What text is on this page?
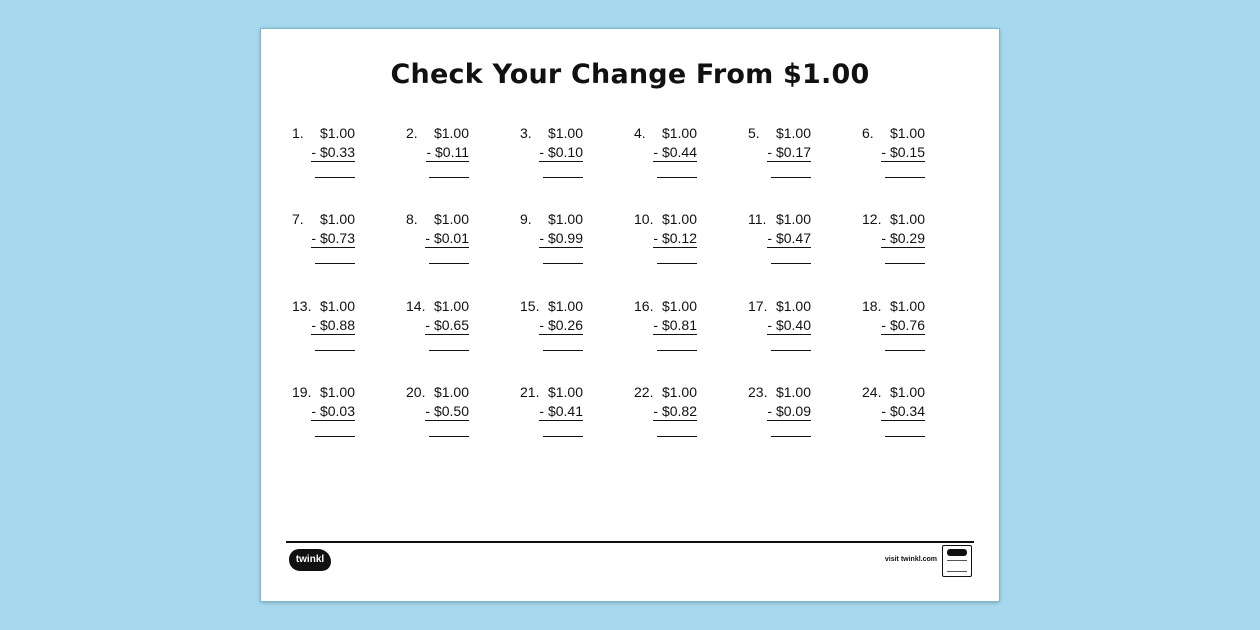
Check Your Change From $1.00
1. $1.00
- $0.33
2. $1.00
- $0.11
3. $1.00
- $0.10
4. $1.00
- $0.44
5. $1.00
- $0.17
6. $1.00
- $0.15
7. $1.00
- $0.73
8. $1.00
- $0.01
9. $1.00
- $0.99
10. $1.00
- $0.12
11. $1.00
- $0.47
12. $1.00
- $0.29
13. $1.00
- $0.88
14. $1.00
- $0.65
15. $1.00
- $0.26
16. $1.00
- $0.81
17. $1.00
- $0.40
18. $1.00
- $0.76
19. $1.00
- $0.03
20. $1.00
- $0.50
21. $1.00
- $0.41
22. $1.00
- $0.82
23. $1.00
- $0.09
24. $1.00
- $0.34
twinkl	visit twinkl.com
